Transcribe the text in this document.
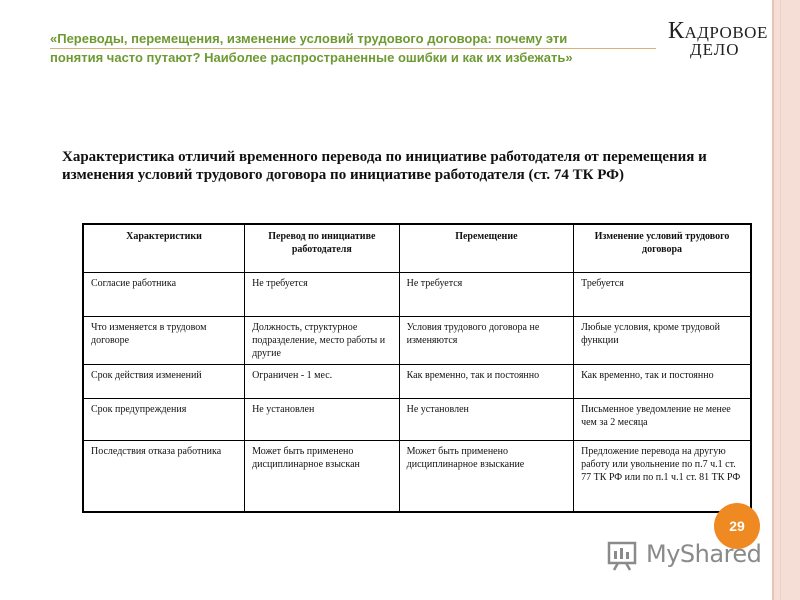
«Переводы, перемещения, изменение условий трудового договора: почему эти
понятия часто путают? Наиболее распространенные ошибки и как их избежать»
КАДРОВОЕ
ДЕЛО
Характеристика отличий временного перевода по инициативе работодателя от перемещения и изменения условий трудового договора по инициативе работодателя (ст. 74 ТК РФ)
Характеристики	Перевод по инициативе работодателя	Перемещение	Изменение условий трудового договора
Согласие работника	Не требуется	Не требуется	Требуется
Что изменяется в трудовом договоре	Должность, структурное подразделение, место работы и другие	Условия трудового договора не изменяются	Любые условия, кроме трудовой функции
Срок действия изменений	Ограничен - 1 мес.	Как временно, так и постоянно	Как временно, так и постоянно
Срок предупреждения	Не установлен	Не установлен	Письменное уведомление не менее чем за 2 месяца
Последствия отказа работника	Может быть применено дисциплинарное взыскан	Может быть применено дисциплинарное взыскание	Предложение перевода на другую работу или увольнение по п.7 ч.1 ст. 77 ТК РФ или по п.1 ч.1 ст. 81 ТК РФ
29
MyShared
